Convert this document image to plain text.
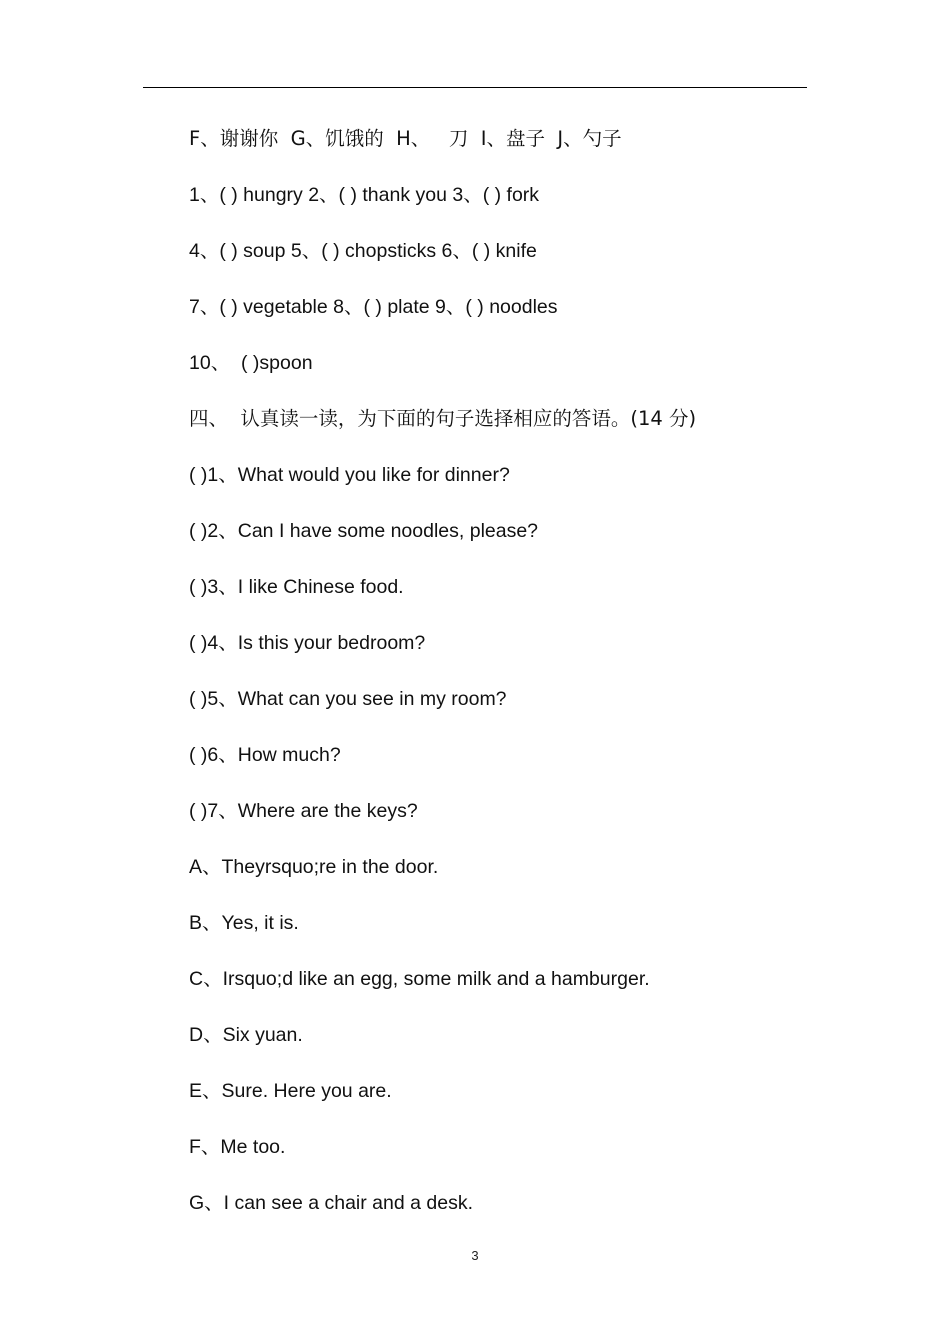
F、谢谢你  G、饥饿的  H、   刀  I、盘子  J、勺子
1、( ) hungry 2、( ) thank you 3、( ) fork
4、( ) soup 5、( ) chopsticks 6、( ) knife
7、( ) vegetable 8、( ) plate 9、( ) noodles
10、  ( )spoon
四、  认真读一读，为下面的句子选择相应的答语。(14 分)
( )1、What would you like for dinner?
( )2、Can I have some noodles, please?
( )3、I like Chinese food.
( )4、Is this your bedroom?
( )5、What can you see in my room?
( )6、How much?
( )7、Where are the keys?
A、Theyrsquo;re in the door.
B、Yes, it is.
C、Irsquo;d like an egg, some milk and a hamburger.
D、Six yuan.
E、Sure. Here you are.
F、Me too.
G、I can see a chair and a desk.
3
